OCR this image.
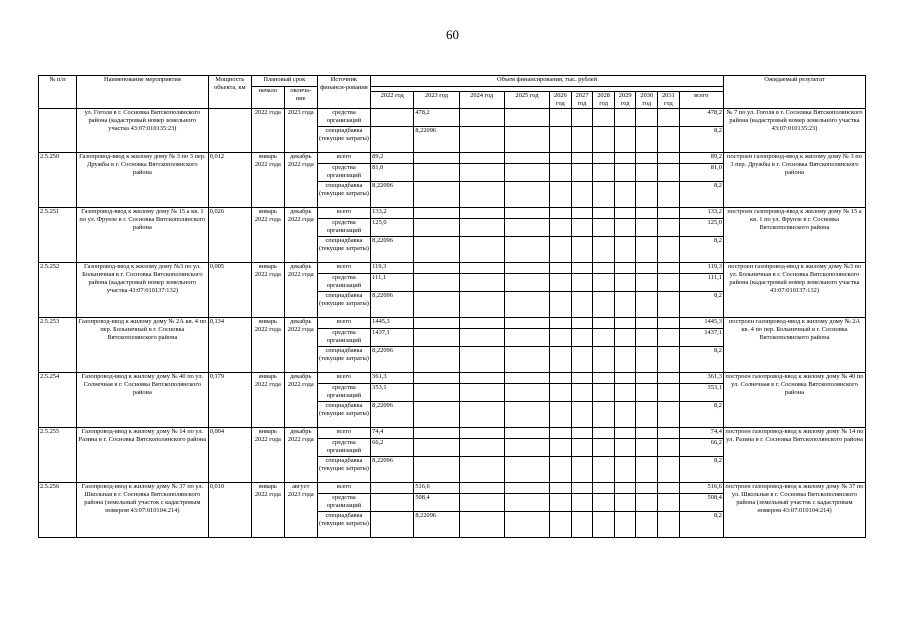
60
№ п/п	Наименование мероприятия	Мощность объекта, км	Плановый срок		Источник финанси-рования	Объем финансирования, тыс. рублей											Ожидаемый результат
			начало	оконча-ние													
						2022 год	2023 год	2024 год	2025 год	2026 год	2027 год	2028 год	2029 год	2030 год	2031 год	всего	
	ул. Гоголя в г. Сосновка Вятскополянского района (кадастровый номер земельного участка 43:07:010135:23)		2022 года	2023 года	средства организаций		478,2									478,2	№ 7 по ул. Гоголя в г. Сосновка Вятскополянского района (кадастровый номер земельного участка 43:07:010135:23)
					спецнадбавка (текущие затраты)		8,22096									8,2	
2.5.250	Газопровод-ввод к жилому дому № 3 по 3 пер. Дружбы в г. Сосновка Вятскополянского района	0,012	январь 2022 года	декабрь 2022 года	всего	89,2										89,2	построен газопровод-ввод к жилому дому № 3 по 3 пер. Дружбы в г. Сосновка Вятскополянского района
					средства организаций	81,0										81,0	
					спецнадбавка (текущие затраты)	8,22096										8,2	
2.5.251	Газопровод-ввод к жилому дому № 15 а кв. 1 по ул. Фрунзе в г. Сосновка Вятскополянского района	0,026	январь 2022 года	декабрь 2022 года	всего	133,2										133,2	построен газопровод-ввод к жилому дому № 15 а кв. 1 по ул. Фрунзе в г. Сосновка Вятскополянского района
					средства организаций	125,0										125,0	
					спецнадбавка (текущие затраты)	8,22096										8,2	
2.5.252	Газопровод-ввод к жилому дому №3 по ул. Больничная в г. Сосновка Вятскополянского района (кадастровый номер земельного участка 43:07:010137:132)	0,005	январь 2022 года	декабрь 2022 года	всего	119,3										119,3	построен газопровод-ввод к жилому дому №3 по ул. Больничная в г. Сосновка Вятскополянского района (кадастровый номер земельного участка 43:07:010137:132)
					средства организаций	111,1										111,1	
					спецнадбавка (текущие затраты)	8,22096										8,2	
2.5.253	Газопровод-ввод к жилому дому № 2А кв. 4 по пер. Больничный в г. Сосновка Вятскополянского района	0,134	январь 2022 года	декабрь 2022 года	всего	1445,3										1445,3	построен газопровод-ввод к жилому дому № 2А кв. 4 по пер. Больничный в г. Сосновка Вятскополянского района
					средства организаций	1437,1										1437,1	
					спецнадбавка (текущие затраты)	8,22096										8,2	
2.5.254	Газопровод-ввод к жилому дому № 40 по ул. Солнечная в г. Сосновка Вятскополянского района	0,179	январь 2022 года	декабрь 2022 года	всего	361,3										361,3	построен газопровод-ввод к жилому дому № 40 по ул. Солнечная в г. Сосновка Вятскополянского района
					средства организаций	353,1										353,1	
					спецнадбавка (текущие затраты)	8,22096										8,2	
2.5.255	Газопровод-ввод к жилому дому № 14 по ул. Разина в г. Сосновка Вятскополянского района	0,004	январь 2022 года	декабрь 2022 года	всего	74,4										74,4	построен газопровод-ввод к жилому дому № 14 по ул. Разина в г. Сосновка Вятскополянского района
					средства организаций	66,2										66,2	
					спецнадбавка (текущие затраты)	8,22096										8,2	
2.5.256	Газопровод-ввод к жилому дому № 37 по ул. Школьная в г. Сосновка Вятскополянского района (земельный участок с кадастровым номером 43:07:010104:214)	0,010	январь 2022 года	август 2023 года	всего		516,6									516,6	построен газопровод-ввод к жилому дому № 37 по ул. Школьная в г. Сосновка Вятскополянского района (земельный участок с кадастровым номером 43:07:010104:214)
					средства организаций		508,4									508,4	
					спецнадбавка (текущие затраты)		8,22096									8,2	
